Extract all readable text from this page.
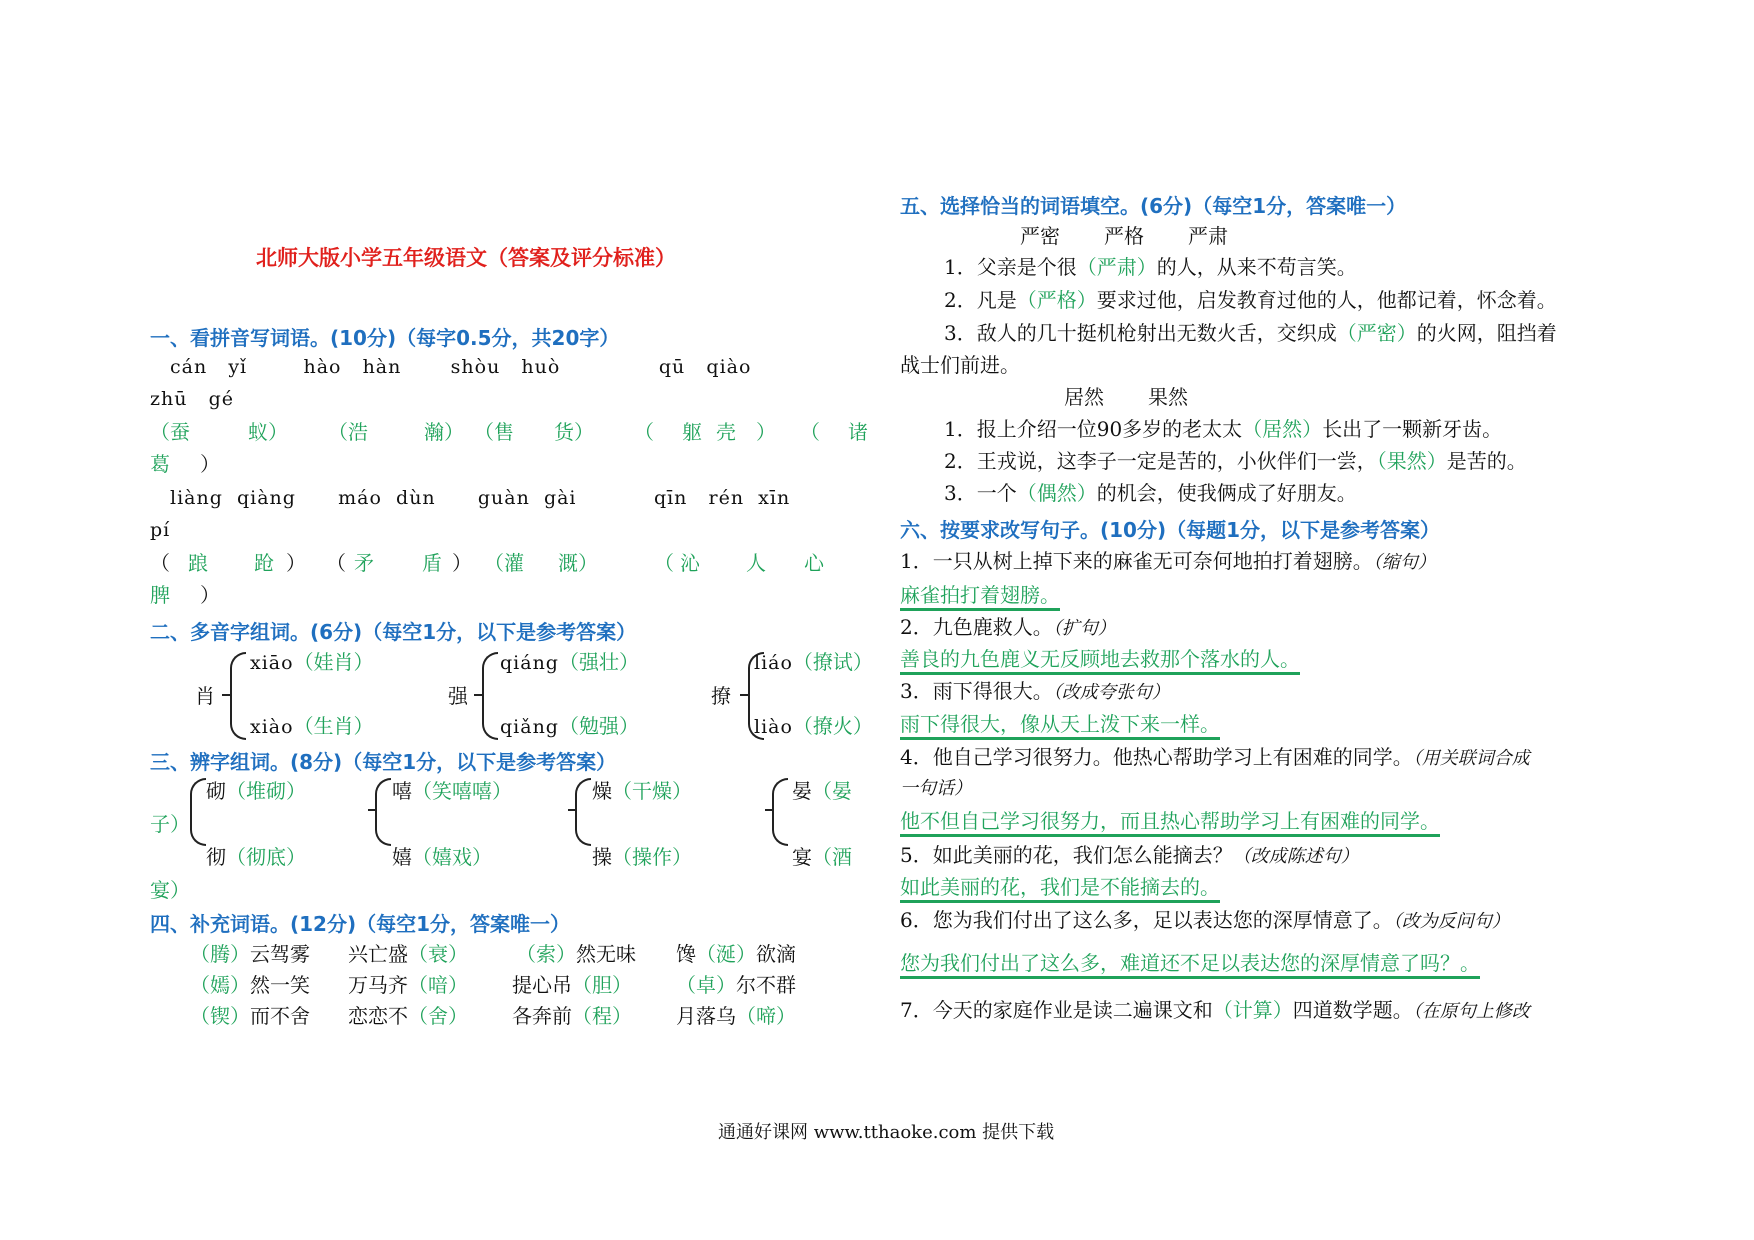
北师大版小学五年级语文（答案及评分标准）
一、看拼音写词语。(10分)（每字0.5分，共20字）
cán   yǐ        hào   hàn       shòu   huò              qū   qiào
zhū   gé
（蚕	蚁） （浩	瀚） （售 货） （ 躯 壳 ） （ 诸
葛 ）
liàng  qiàng      máo  dùn      guàn  gài           qīn   rén  xīn
pí
（ 踉 跄 ） （ 矛 盾 ） （灌 溉）	（ 沁 人 心
脾 ）
二、多音字组词。(6分)（每空1分，以下是参考答案）
肖
xiāo（娃肖）
xiào（生肖）
强
qiáng（强壮）
qiǎng（勉强）
撩
liáo（撩试）
liào（撩火）
三、辨字组词。(8分)（每空1分，以下是参考答案）
砌（堆砌）
彻（彻底）
子）
嘻（笑嘻嘻）
嬉（嬉戏）
燥（干燥）
操（操作）
晏（晏
宴（酒
宴）
四、补充词语。(12分)（每空1分，答案唯一）
（腾）云驾雾 兴亡盛（衰） （索）然无味 馋（涎）欲滴
（嫣）然一笑 万马齐（喑） 提心吊（胆） （卓）尔不群
（锲）而不舍 恋恋不（舍） 各奔前（程） 月落乌（啼）
五、选择恰当的词语填空。(6分)（每空1分，答案唯一）
严密 严格 严肃
1．父亲是个很（严肃）的人，从来不苟言笑。
2．凡是（严格）要求过他，启发教育过他的人，他都记着，怀念着。
3．敌人的几十挺机枪射出无数火舌，交织成（严密）的火网，阻挡着
战士们前进。
居然 果然
1．报上介绍一位90多岁的老太太（居然）长出了一颗新牙齿。
2．王戎说，这李子一定是苦的，小伙伴们一尝，（果然）是苦的。
3．一个（偶然）的机会，使我俩成了好朋友。
六、按要求改写句子。(10分)（每题1分，以下是参考答案）
1．一只从树上掉下来的麻雀无可奈何地拍打着翅膀。（缩句）
麻雀拍打着翅膀。
2．九色鹿救人。（扩句）
善良的九色鹿义无反顾地去救那个落水的人。
3．雨下得很大。（改成夸张句）
雨下得很大，像从天上泼下来一样。
4．他自己学习很努力。他热心帮助学习上有困难的同学。（用关联词合成
一句话）
他不但自己学习很努力，而且热心帮助学习上有困难的同学。
5．如此美丽的花，我们怎么能摘去？（改成陈述句）
如此美丽的花，我们是不能摘去的。
6．您为我们付出了这么多，足以表达您的深厚情意了。（改为反问句）
您为我们付出了这么多，难道还不足以表达您的深厚情意了吗？。
7．今天的家庭作业是读二遍课文和（计算）四道数学题。（在原句上修改
通通好课网 www.tthaoke.com 提供下载
